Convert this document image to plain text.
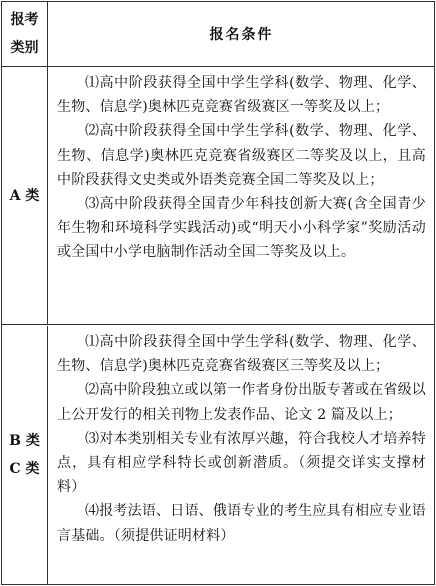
报考
类别
报名条件
A 类

⑴高中阶段获得全国中学生学科(数学、物理、化学、生物、信息学)奥林匹克竞赛省级赛区一等奖及以上；

⑵高中阶段获得全国中学生学科(数学、物理、化学、生物、信息学)奥林匹克竞赛省级赛区二等奖及以上，且高中阶段获得文史类或外语类竞赛全国二等奖及以上；

⑶高中阶段获得全国青少年科技创新大赛(含全国青少年生物和环境科学实践活动)或“明天小小科学家”奖励活动或全国中小学电脑制作活动全国二等奖及以上。

B 类
C 类

⑴高中阶段获得全国中学生学科(数学、物理、化学、生物、信息学)奥林匹克竞赛省级赛区三等奖及以上；

⑵高中阶段独立或以第一作者身份出版专著或在省级以上公开发行的相关刊物上发表作品、论文 2 篇及以上；

⑶对本类别相关专业有浓厚兴趣，符合我校人才培养特点，具有相应学科特长或创新潜质。（须提交详实支撑材料）

⑷报考法语、日语、俄语专业的考生应具有相应专业语言基础。（须提供证明材料）
